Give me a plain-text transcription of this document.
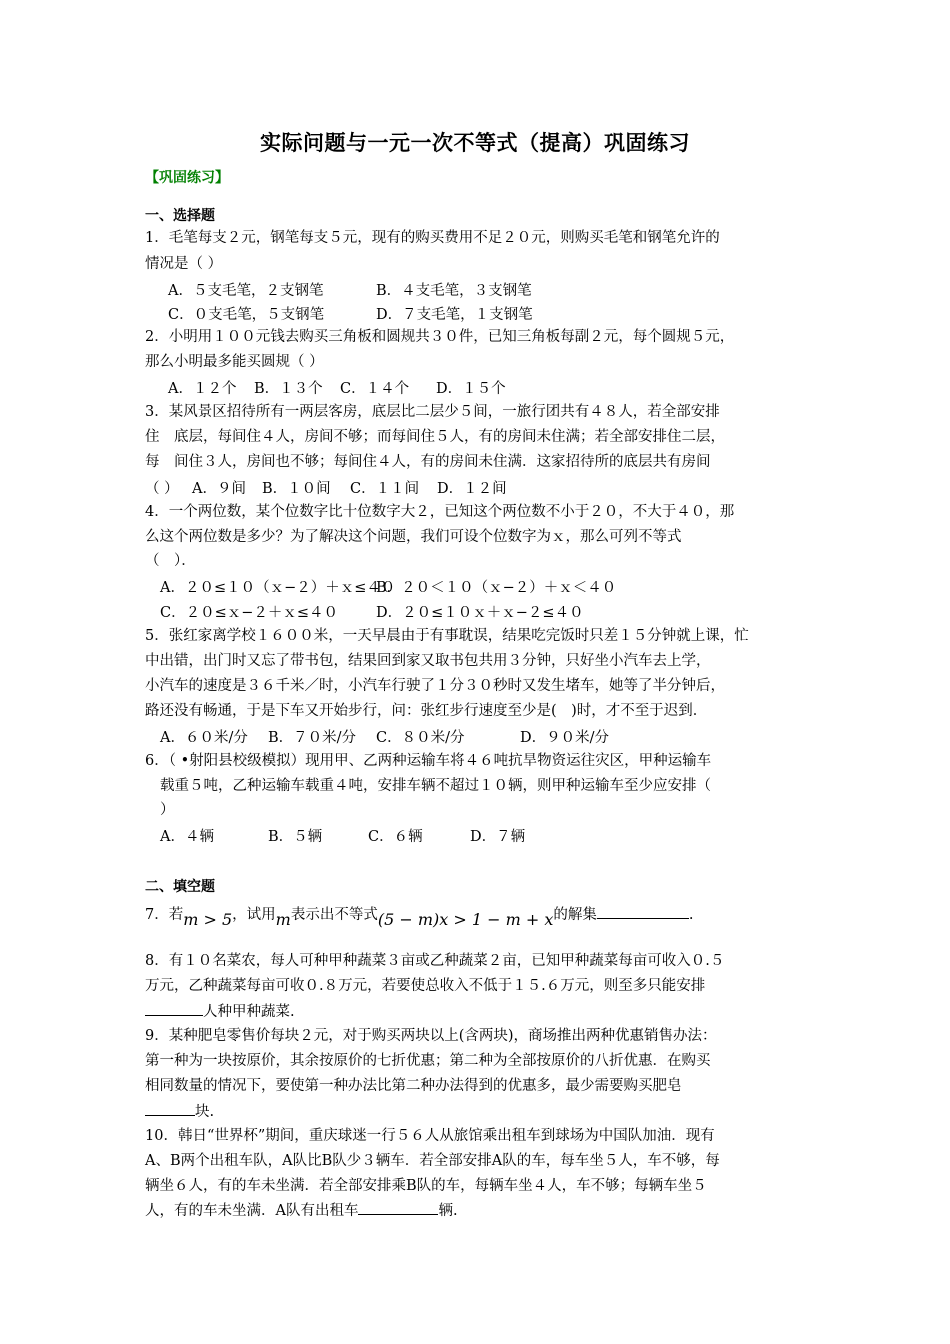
实际问题与一元一次不等式（提高）巩固练习
【巩固练习】
一、选择题
1．毛笔每支２元，钢笔每支５元，现有的购买费用不足２０元，则购买毛笔和钢笔允许的
情况是（ ）
A．５支毛笔，２支钢笔	B．４支毛笔，３支钢笔
C．０支毛笔，５支钢笔	D．７支毛笔，１支钢笔
2．小明用１００元钱去购买三角板和圆规共３０件，已知三角板每副２元，每个圆规５元，
那么小明最多能买圆规（ ）
A．１２个 B．１３个 C．１４个 D．１５个
3．某风景区招待所有一两层客房，底层比二层少５间，一旅行团共有４８人，若全部安排
住　底层，每间住４人，房间不够；而每间住５人，有的房间未住满；若全部安排住二层，
每　间住３人，房间也不够；每间住４人，有的房间未住满．这家招待所的底层共有房间
（ ） A．９间 B．１０间 C．１１间 D．１２间
4．一个两位数，某个位数字比十位数字大２，已知这个两位数不小于２０，不大于４０，那
么这个两位数是多少？为了解决这个问题，我们可设个位数字为ｘ，那么可列不等式
（　）．
A．２０≤１０（ｘ−２）＋ｘ≤４０
B．２０＜１０（ｘ−２）＋ｘ＜４０
C．２０≤ｘ−２＋ｘ≤４０	D．２０≤１０ｘ＋ｘ−２≤４０
5．张红家离学校１６００米，一天早晨由于有事耽误，结果吃完饭时只差１５分钟就上课，忙
中出错，出门时又忘了带书包，结果回到家又取书包共用３分钟，只好坐小汽车去上学，
小汽车的速度是３６千米／时，小汽车行驶了１分３０秒时又发生堵车，她等了半分钟后，
路还没有畅通，于是下车又开始步行，问：张红步行速度至少是(　)时，才不至于迟到．
A．６０米/分 B．７０米/分 C．８０米/分	D．９０米/分
6．（ •射阳县校级模拟）现用甲、乙两种运输车将４６吨抗旱物资运往灾区，甲种运输车
载重５吨，乙种运输车载重４吨，安排车辆不超过１０辆，则甲种运输车至少应安排（
）
A．４辆	B．５辆	C．６辆	D．７辆
二、填空题
7．若m > 5，试用m表示出不等式(5 − m)x > 1 − m + x的解集	.
8．有１０名菜农，每人可种甲种蔬菜３亩或乙种蔬菜２亩，已知甲种蔬菜每亩可收入０.５
万元，乙种蔬菜每亩可收０.８万元，若要使总收入不低于１５.６万元，则至多只能安排
人种甲种蔬菜.
9．某种肥皂零售价每块２元，对于购买两块以上(含两块)，商场推出两种优惠销售办法：
第一种为一块按原价，其余按原价的七折优惠；第二种为全部按原价的八折优惠．在购买
相同数量的情况下，要使第一种办法比第二种办法得到的优惠多，最少需要购买肥皂
块.
10．韩日“世界杯”期间，重庆球迷一行５６人从旅馆乘出租车到球场为中国队加油．现有
A、B两个出租车队，A队比B队少３辆车．若全部安排A队的车，每车坐５人，车不够，每
辆坐６人，有的车未坐满．若全部安排乘B队的车，每辆车坐４人，车不够；每辆车坐５
人，有的车未坐满．A队有出租车	辆.
